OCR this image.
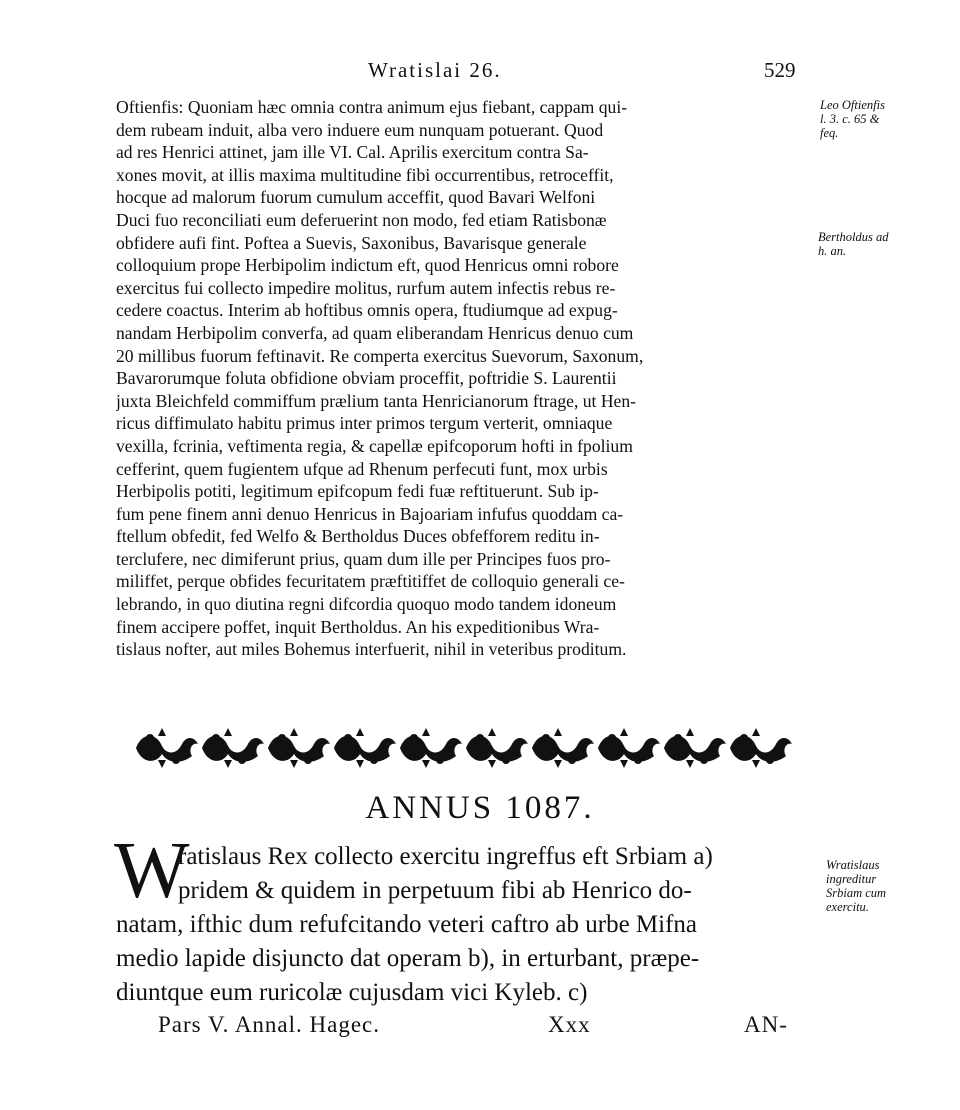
Wratislai 26.	529
Oftienfis: Quoniam hæc omnia contra animum ejus fiebant, cappam qui-
dem rubeam induit, alba vero induere eum nunquam potuerant. Quod
ad res Henrici attinet, jam ille VI. Cal. Aprilis exercitum contra Sa-
xones movit, at illis maxima multitudine fibi occurrentibus, retroceffit,
hocque ad malorum fuorum cumulum acceffit, quod Bavari Welfoni
Duci fuo reconciliati eum deferuerint non modo, fed etiam Ratisbonæ
obfidere aufi fint. Poftea a Suevis, Saxonibus, Bavarisque generale
colloquium prope Herbipolim indictum eft, quod Henricus omni robore
exercitus fui collecto impedire molitus, rurfum autem infectis rebus re-
cedere coactus. Interim ab hoftibus omnis opera, ftudiumque ad expug-
nandam Herbipolim converfa, ad quam eliberandam Henricus denuo cum
20 millibus fuorum feftinavit. Re comperta exercitus Suevorum, Saxonum,
Bavarorumque foluta obfidione obviam proceffit, poftridie S. Laurentii
juxta Bleichfeld commiffum prælium tanta Henricianorum ftrage, ut Hen-
ricus diffimulato habitu primus inter primos tergum verterit, omniaque
vexilla, fcrinia, veftimenta regia, & capellæ epifcoporum hofti in fpolium
cefferint, quem fugientem ufque ad Rhenum perfecuti funt, mox urbis
Herbipolis potiti, legitimum epifcopum fedi fuæ reftituerunt. Sub ip-
fum pene finem anni denuo Henricus in Bajoariam infufus quoddam ca-
ftellum obfedit, fed Welfo & Bertholdus Duces obfefforem reditu in-
terclufere, nec dimiferunt prius, quam dum ille per Principes fuos pro-
miliffet, perque obfides fecuritatem præftitiffet de colloquio generali ce-
lebrando, in quo diutina regni difcordia quoquo modo tandem idoneum
finem accipere poffet, inquit Bertholdus. An his expeditionibus Wra-
tislaus nofter, aut miles Bohemus interfuerit, nihil in veteribus proditum.
Leo Oftienfis
l. 3. c. 65 &
feq.
Bertholdus ad
h. an.
ANNUS 1087.
W
ratislaus Rex collecto exercitu ingreffus eft Srbiam a)
pridem & quidem in perpetuum fibi ab Henrico do-
natam, ifthic dum refufcitando veteri caftro ab urbe Mifna
medio lapide disjuncto dat operam b), in erturbant, præpe-
diuntque eum ruricolæ cujusdam vici Kyleb. c)
Wratislaus
ingreditur
Srbiam cum
exercitu.
Pars V. Annal. Hagec.	Xxx	AN-
